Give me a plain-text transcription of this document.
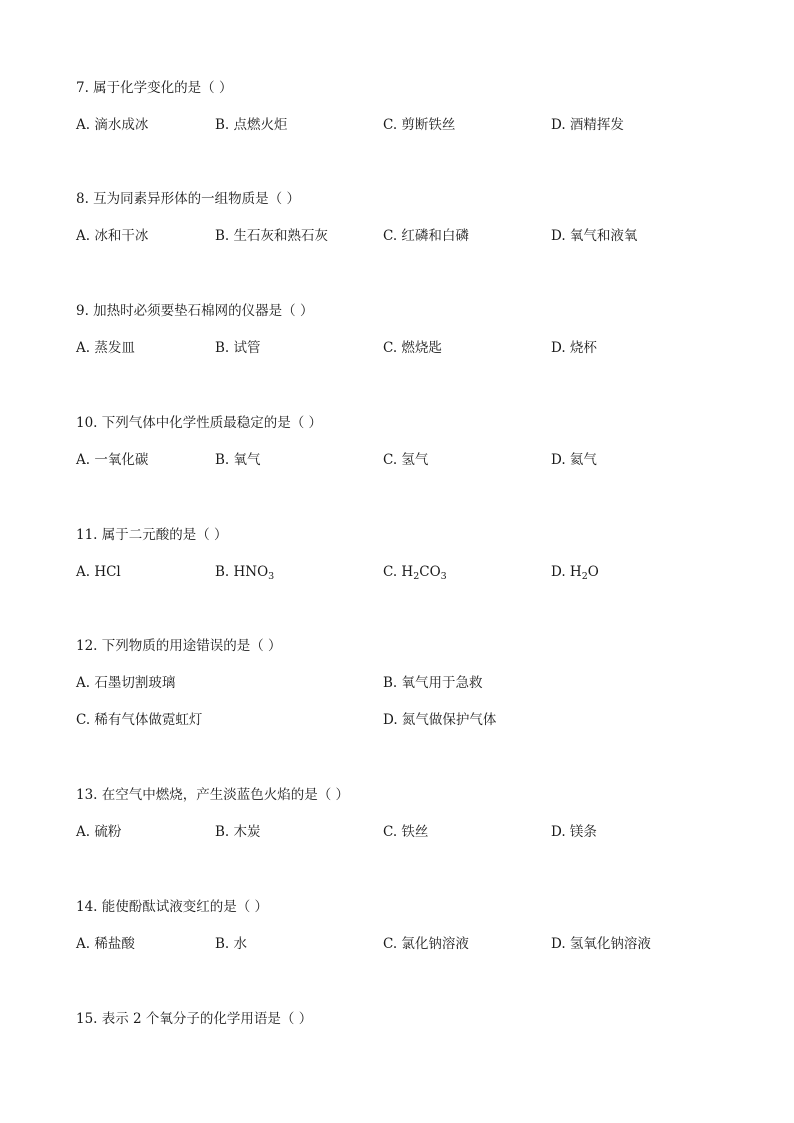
7. 属于化学变化的是（ ）
A. 滴水成冰	B. 点燃火炬	C. 剪断铁丝	D. 酒精挥发
8. 互为同素异形体的一组物质是（ ）
A. 冰和干冰	B. 生石灰和熟石灰	C. 红磷和白磷	D. 氧气和液氧
9. 加热时必须要垫石棉网的仪器是（ ）
A. 蒸发皿	B. 试管	C. 燃烧匙	D. 烧杯
10. 下列气体中化学性质最稳定的是（ ）
A. 一氧化碳	B. 氧气	C. 氢气	D. 氦气
11. 属于二元酸的是（ ）
A. HCl	B. $HNO_3$	C. $H_2CO_3$	D. $H_2O$
12. 下列物质的用途错误的是（ ）
A. 石墨切割玻璃	B. 氧气用于急救
C. 稀有气体做霓虹灯	D. 氮气做保护气体
13. 在空气中燃烧，产生淡蓝色火焰的是（ ）
A. 硫粉	B. 木炭	C. 铁丝	D. 镁条
14. 能使酚酞试液变红的是（ ）
A. 稀盐酸	B. 水	C. 氯化钠溶液	D. 氢氧化钠溶液
15. 表示 2 个氧分子的化学用语是（ ）
